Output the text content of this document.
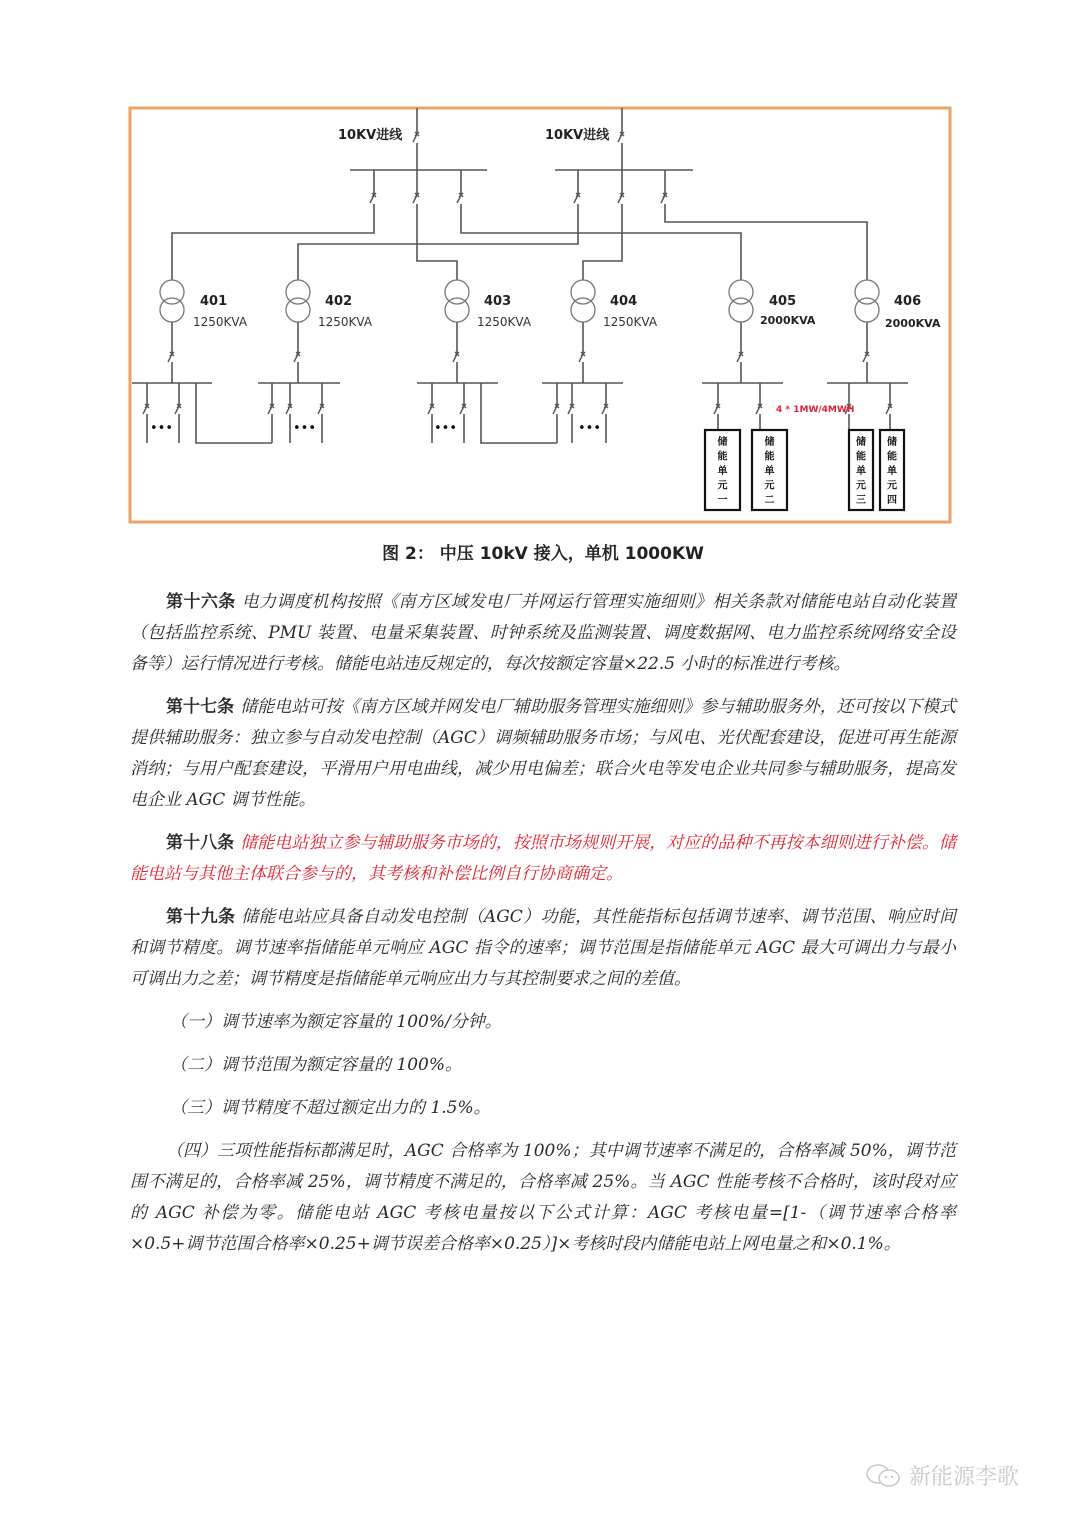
10KV进线	10KV进线
401
1250KVA
402
1250KVA
403
1250KVA
404
1250KVA
405
2000KVA
406
2000KVA
•••	•••	•••	•••
4 * 1MW/4MWH
储
能
单
元
一
储
能
单
元
二
储
能
单
元
三
储
能
单
元
四
图 2： 中压 10kV 接入，单机 1000KW
第十六条 电力调度机构按照《南方区域发电厂并网运行管理实施细则》相关条款对储能电站自动化装置（包括监控系统、PMU 装置、电量采集装置、时钟系统及监测装置、调度数据网、电力监控系统网络安全设备等）运行情况进行考核。储能电站违反规定的，每次按额定容量×22.5 小时的标准进行考核。
第十七条 储能电站可按《南方区域并网发电厂辅助服务管理实施细则》参与辅助服务外，还可按以下模式提供辅助服务：独立参与自动发电控制（AGC）调频辅助服务市场；与风电、光伏配套建设，促进可再生能源消纳；与用户配套建设，平滑用户用电曲线，减少用电偏差；联合火电等发电企业共同参与辅助服务，提高发电企业 AGC 调节性能。
第十八条 储能电站独立参与辅助服务市场的，按照市场规则开展，对应的品种不再按本细则进行补偿。储能电站与其他主体联合参与的，其考核和补偿比例自行协商确定。
第十九条 储能电站应具备自动发电控制（AGC）功能，其性能指标包括调节速率、调节范围、响应时间和调节精度。调节速率指储能单元响应 AGC 指令的速率；调节范围是指储能单元 AGC 最大可调出力与最小可调出力之差；调节精度是指储能单元响应出力与其控制要求之间的差值。
（一）调节速率为额定容量的 100%/分钟。
（二）调节范围为额定容量的 100%。
（三）调节精度不超过额定出力的 1.5%。
（四）三项性能指标都满足时，AGC 合格率为 100%；其中调节速率不满足的，合格率减 50%，调节范围不满足的，合格率减 25%，调节精度不满足的，合格率减 25%。当 AGC 性能考核不合格时，该时段对应的 AGC 补偿为零。储能电站 AGC 考核电量按以下公式计算：AGC 考核电量=[1-（调节速率合格率×0.5+调节范围合格率×0.25+调节误差合格率×0.25）]×考核时段内储能电站上网电量之和×0.1%。
新能源李歌
